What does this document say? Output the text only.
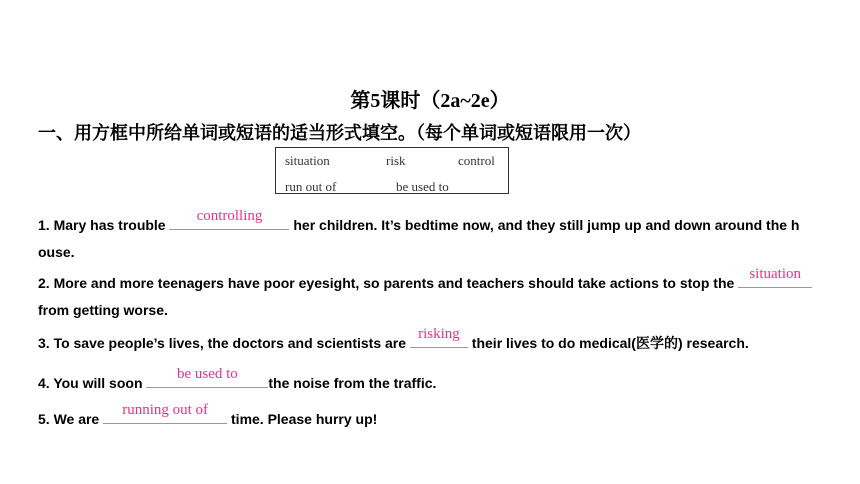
第5课时（2a~2e）
一、用方框中所给单词或短语的适当形式填空。（每个单词或短语限用一次）
situation	risk	control
run out of	be used to
1. Mary has trouble
controlling
her children. It’s bedtime now, and they still jump up and down around the h
ouse.
2. More and more teenagers have poor eyesight, so parents and teachers should take actions to stop the
situation
from getting worse.
3. To save people’s lives, the doctors and scientists are
risking
their lives to do medical(医学的) research.
4. You will soon
be used to
the noise from the traffic.
5. We are
running out of
time. Please hurry up!
